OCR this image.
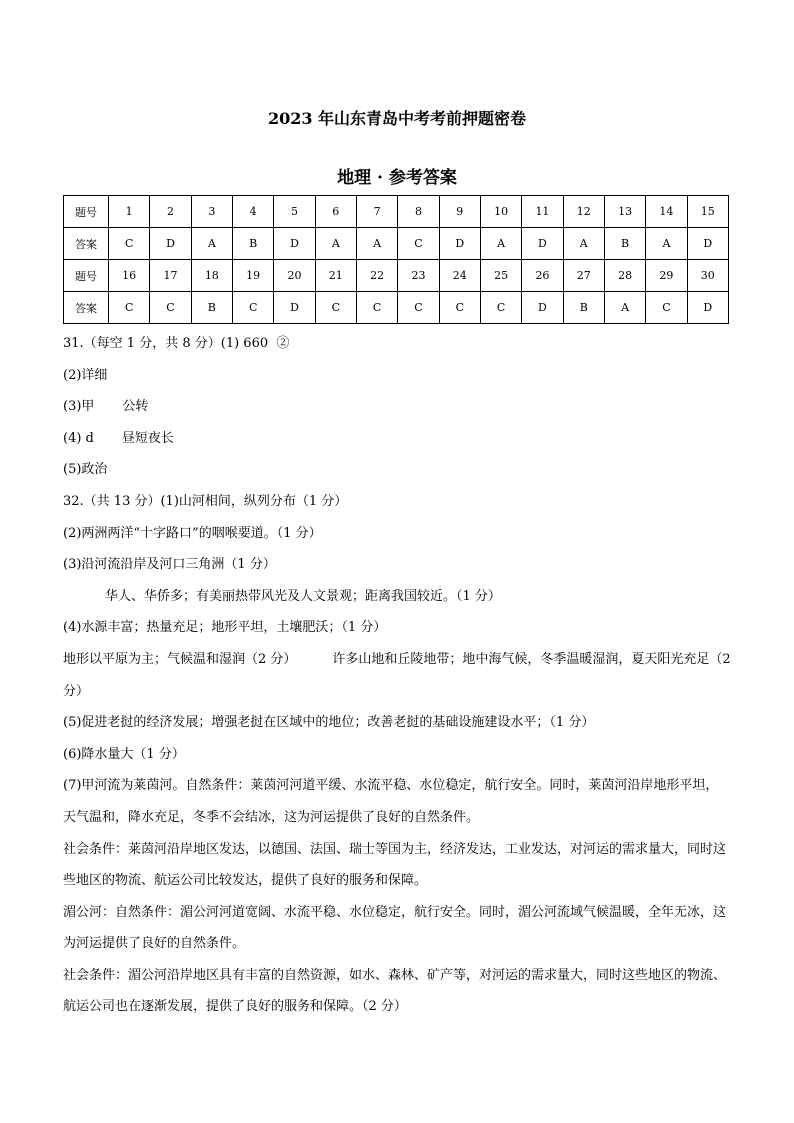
2023 年山东青岛中考考前押题密卷
地理 · 参考答案
题号	1	2	3	4	5	6	7	8	9	10	11	12	13	14	15
答案	C	D	A	B	D	A	A	C	D	A	D	A	B	A	D
题号	16	17	18	19	20	21	22	23	24	25	26	27	28	29	30
答案	C	C	B	C	D	C	C	C	C	C	D	B	A	C	D

31.（每空 1 分，共 8 分）(1) 660 ②

(2)详细

(3)甲 公转

(4) d 昼短夜长

(5)政治

32.（共 13 分）(1)山河相间，纵列分布（1 分）

(2)两洲两洋“十字路口”的咽喉要道。（1 分）

(3)沿河流沿岸及河口三角洲（1 分）

华人、华侨多；有美丽热带风光及人文景观；距离我国较近。（1 分）

(4)水源丰富；热量充足；地形平坦，土壤肥沃；（1 分）

地形以平原为主；气候温和湿润（2 分）	许多山地和丘陵地带；地中海气候，冬季温暖湿润，夏天阳光充足（2 分）

(5)促进老挝的经济发展；增强老挝在区域中的地位；改善老挝的基础设施建设水平；（1 分）

(6)降水量大（1 分）

(7)甲河流为莱茵河。自然条件：莱茵河河道平缓、水流平稳、水位稳定，航行安全。同时，莱茵河沿岸地形平坦，天气温和，降水充足，冬季不会结冰，这为河运提供了良好的自然条件。

社会条件：莱茵河沿岸地区发达，以德国、法国、瑞士等国为主，经济发达，工业发达，对河运的需求量大，同时这些地区的物流、航运公司比较发达，提供了良好的服务和保障。

湄公河：自然条件：湄公河河道宽阔、水流平稳、水位稳定，航行安全。同时，湄公河流域气候温暖，全年无冰，这为河运提供了良好的自然条件。

社会条件：湄公河沿岸地区具有丰富的自然资源，如水、森林、矿产等，对河运的需求量大，同时这些地区的物流、航运公司也在逐渐发展，提供了良好的服务和保障。（2 分）
